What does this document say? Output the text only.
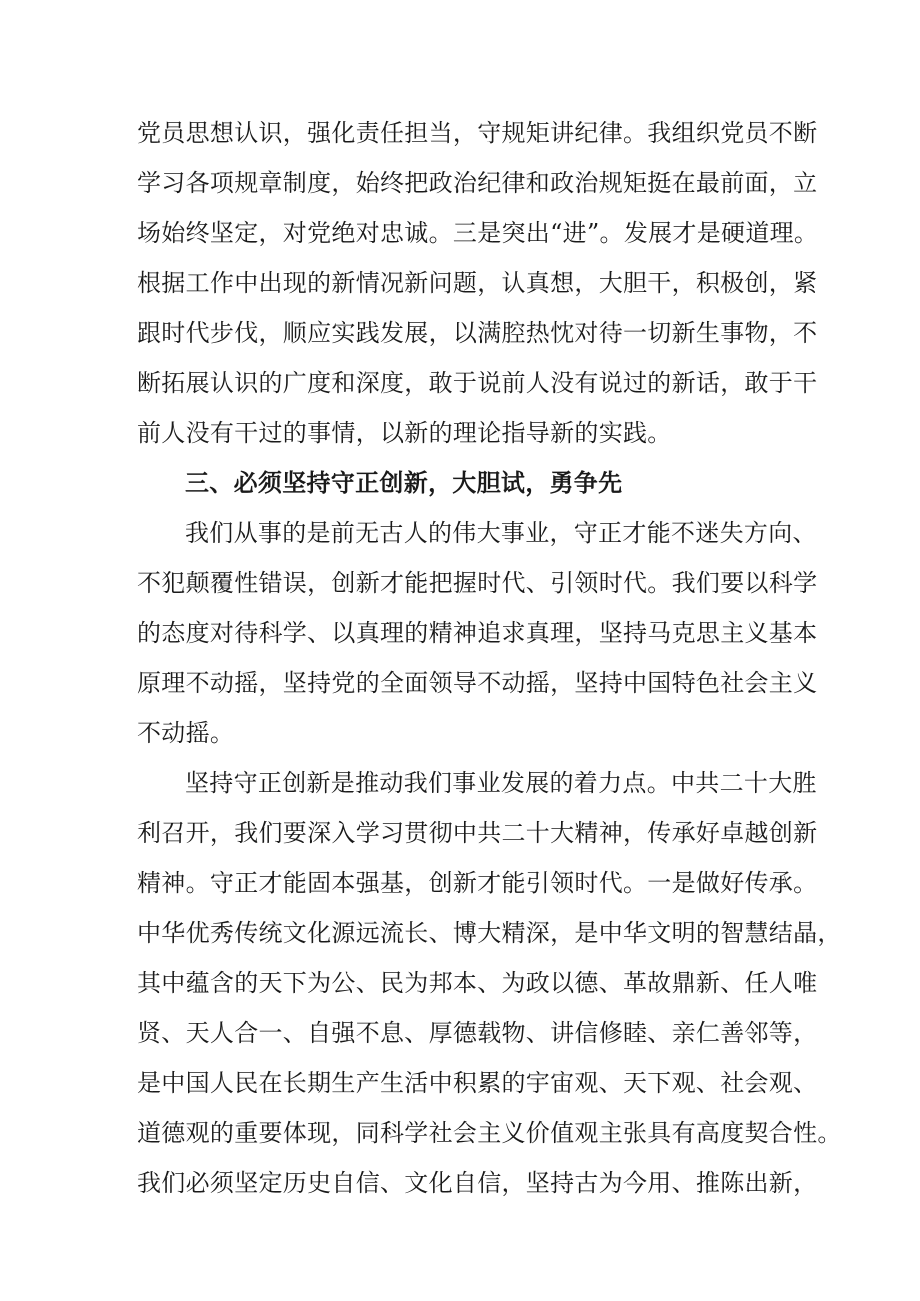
党员思想认识，强化责任担当，守规矩讲纪律。我组织党员不断
学习各项规章制度，始终把政治纪律和政治规矩挺在最前面，立
场始终坚定，对党绝对忠诚。三是突出“进”。发展才是硬道理。
根据工作中出现的新情况新问题，认真想，大胆干，积极创，紧
跟时代步伐，顺应实践发展，以满腔热忱对待一切新生事物，不
断拓展认识的广度和深度，敢于说前人没有说过的新话，敢于干
前人没有干过的事情，以新的理论指导新的实践。
三、必须坚持守正创新，大胆试，勇争先
我们从事的是前无古人的伟大事业，守正才能不迷失方向、
不犯颠覆性错误，创新才能把握时代、引领时代。我们要以科学
的态度对待科学、以真理的精神追求真理，坚持马克思主义基本
原理不动摇，坚持党的全面领导不动摇，坚持中国特色社会主义
不动摇。
坚持守正创新是推动我们事业发展的着力点。中共二十大胜
利召开，我们要深入学习贯彻中共二十大精神，传承好卓越创新
精神。守正才能固本强基，创新才能引领时代。一是做好传承。
中华优秀传统文化源远流长、博大精深，是中华文明的智慧结晶，
其中蕴含的天下为公、民为邦本、为政以德、革故鼎新、任人唯
贤、天人合一、自强不息、厚德载物、讲信修睦、亲仁善邻等，
是中国人民在长期生产生活中积累的宇宙观、天下观、社会观、
道德观的重要体现，同科学社会主义价值观主张具有高度契合性。
我们必须坚定历史自信、文化自信，坚持古为今用、推陈出新，
